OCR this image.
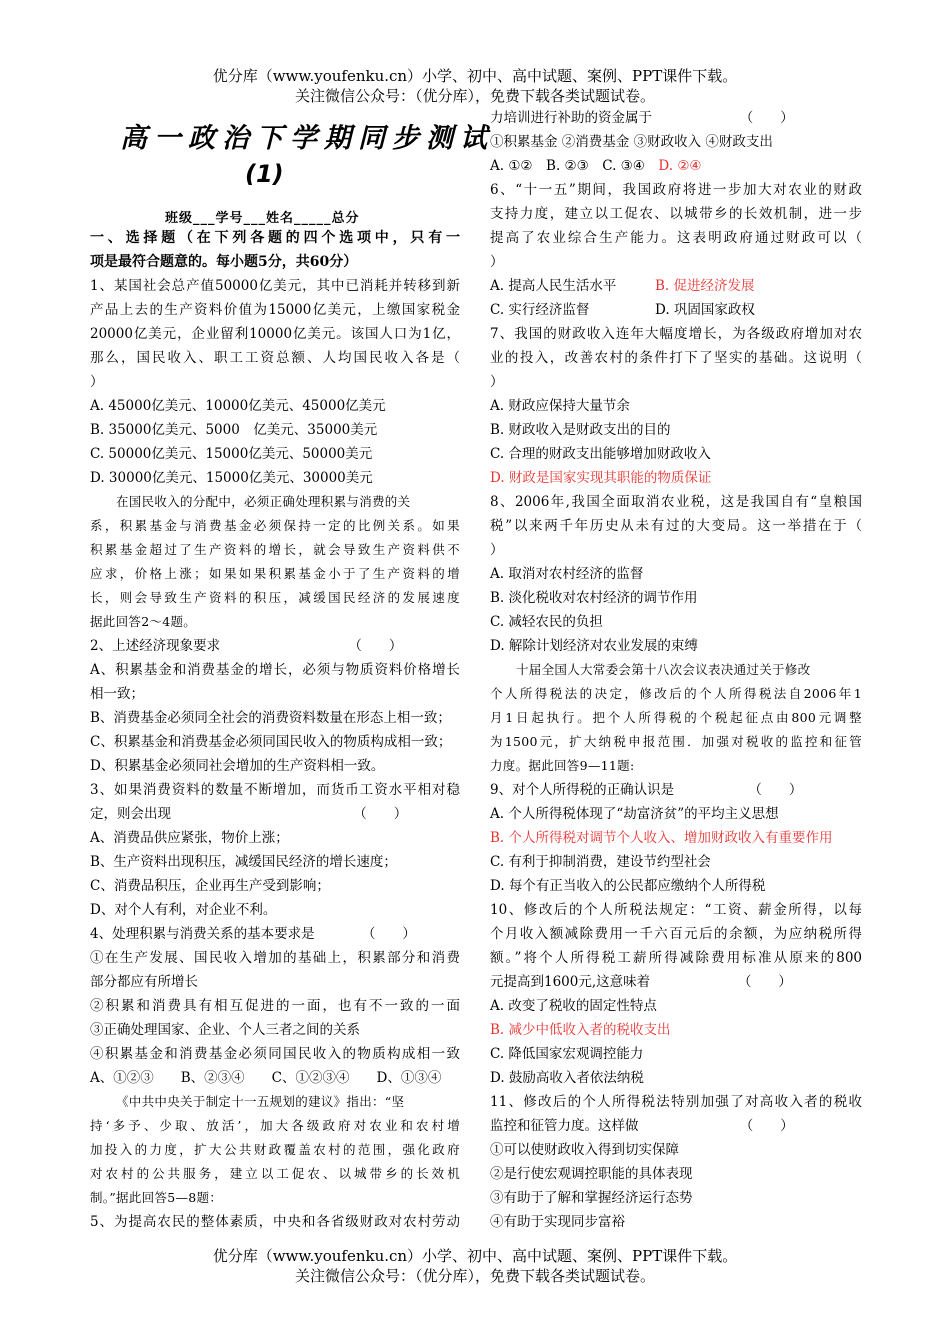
优分库（www.youfenku.cn）小学、初中、高中试题、案例、PPT课件下载。
关注微信公众号：（优分库），免费下载各类试题试卷。
高一政治下学期同步测试
(1)
班级___学号___姓名_____总分
一、选择题（在下列各题的四个选项中，只有一
项是最符合题意的。每小题5分，共60分）
1、某国社会总产值50000亿美元，其中已消耗并转移到新
产品上去的生产资料价值为15000亿美元，上缴国家税金
20000亿美元，企业留利10000亿美元。该国人口为1亿，
那么，国民收入、职工工资总额、人均国民收入各是（
）
A. 45000亿美元、10000亿美元、45000亿美元
B. 35000亿美元、5000　亿美元、35000美元
C. 50000亿美元、15000亿美元、50000美元
D. 30000亿美元、15000亿美元、30000美元
在国民收入的分配中，必须正确处理积累与消费的关
系，积累基金与消费基金必须保持一定的比例关系。如果
积累基金超过了生产资料的增长，就会导致生产资料供不
应求，价格上涨；如果如果积累基金小于了生产资料的增
长，则会导致生产资料的积压，减缓国民经济的发展速度
据此回答2～4题。
2、上述经济现象要求　　　　　　　　　　（　　）
A、积累基金和消费基金的增长，必须与物质资料价格增长
相一致；
B、消费基金必须同全社会的消费资料数量在形态上相一致；
C、积累基金和消费基金必须同国民收入的物质构成相一致；
D、积累基金必须同社会增加的生产资料相一致。
3、如果消费资料的数量不断增加，而货币工资水平相对稳
定，则会出现　　　　　　　　　　　　　　（　　）
A、消费品供应紧张，物价上涨；
B、生产资料出现积压，减缓国民经济的增长速度；
C、消费品积压，企业再生产受到影响；
D、对个人有利，对企业不利。
4、处理积累与消费关系的基本要求是　　　　（　　）
①在生产发展、国民收入增加的基础上，积累部分和消费
部分都应有所增长
②积累和消费具有相互促进的一面，也有不一致的一面
③正确处理国家、企业、个人三者之间的关系
④积累基金和消费基金必须同国民收入的物质构成相一致
A、①②③　　B、②③④　　C、①②③④　　D、①③④
《中共中央关于制定十一五规划的建议》指出：“坚
持‘多予、少取、放活’，加大各级政府对农业和农村增
加投入的力度，扩大公共财政覆盖农村的范围，强化政府
对农村的公共服务，建立以工促农、以城带乡的长效机
制。”据此回答5—8题：
5、为提高农民的整体素质，中央和各省级财政对农村劳动
力培训进行补助的资金属于　　　　　　　（　　）
①积累基金 ②消费基金 ③财政收入 ④财政支出
A. ①②　B. ②③　C. ③④　D. ②④
6、“十一五”期间，我国政府将进一步加大对农业的财政
支持力度，建立以工促农、以城带乡的长效机制，进一步
提高了农业综合生产能力。这表明政府通过财政可以（
）
A. 提高人民生活水平	B. 促进经济发展
C. 实行经济监督	D. 巩固国家政权
7、我国的财政收入连年大幅度增长，为各级政府增加对农
业的投入，改善农村的条件打下了坚实的基础。这说明（
）
A. 财政应保持大量节余
B. 财政收入是财政支出的目的
C. 合理的财政支出能够增加财政收入
D. 财政是国家实现其职能的物质保证
8、2006年,我国全面取消农业税，这是我国自有“皇粮国
税”以来两千年历史从未有过的大变局。这一举措在于（
）
A. 取消对农村经济的监督
B. 淡化税收对农村经济的调节作用
C. 减轻农民的负担
D. 解除计划经济对农业发展的束缚
十届全国人大常委会第十八次会议表决通过关于修改
个人所得税法的决定，修改后的个人所得税法自2006年1
月1日起执行。把个人所得税的个税起征点由800元调整
为1500元，扩大纳税申报范围．加强对税收的监控和征管
力度。据此回答9—11题:
9、对个人所得税的正确认识是　　　　　　（　　）
A. 个人所得税体现了“劫富济贫”的平均主义思想
B. 个人所得税对调节个人收入、增加财政收入有重要作用
C. 有利于抑制消费，建设节约型社会
D. 每个有正当收入的公民都应缴纳个人所得税
10、修改后的个人所税法规定：“工资、薪金所得，以每
个月收入额减除费用一千六百元后的余额，为应纳税所得
额。”将个人所得税工薪所得减除费用标准从原来的800
元提高到1600元,这意味着　　　　　　　（　　）
A. 改变了税收的固定性特点
B. 减少中低收入者的税收支出
C. 降低国家宏观调控能力
D. 鼓励高收入者依法纳税
11、修改后的个人所得税法特别加强了对高收入者的税收
监控和征管力度。这样做　　　　　　　　（　　）
①可以使财政收入得到切实保障
②是行使宏观调控职能的具体表现
③有助于了解和掌握经济运行态势
④有助于实现同步富裕
优分库（www.youfenku.cn）小学、初中、高中试题、案例、PPT课件下载。
关注微信公众号：（优分库），免费下载各类试题试卷。
